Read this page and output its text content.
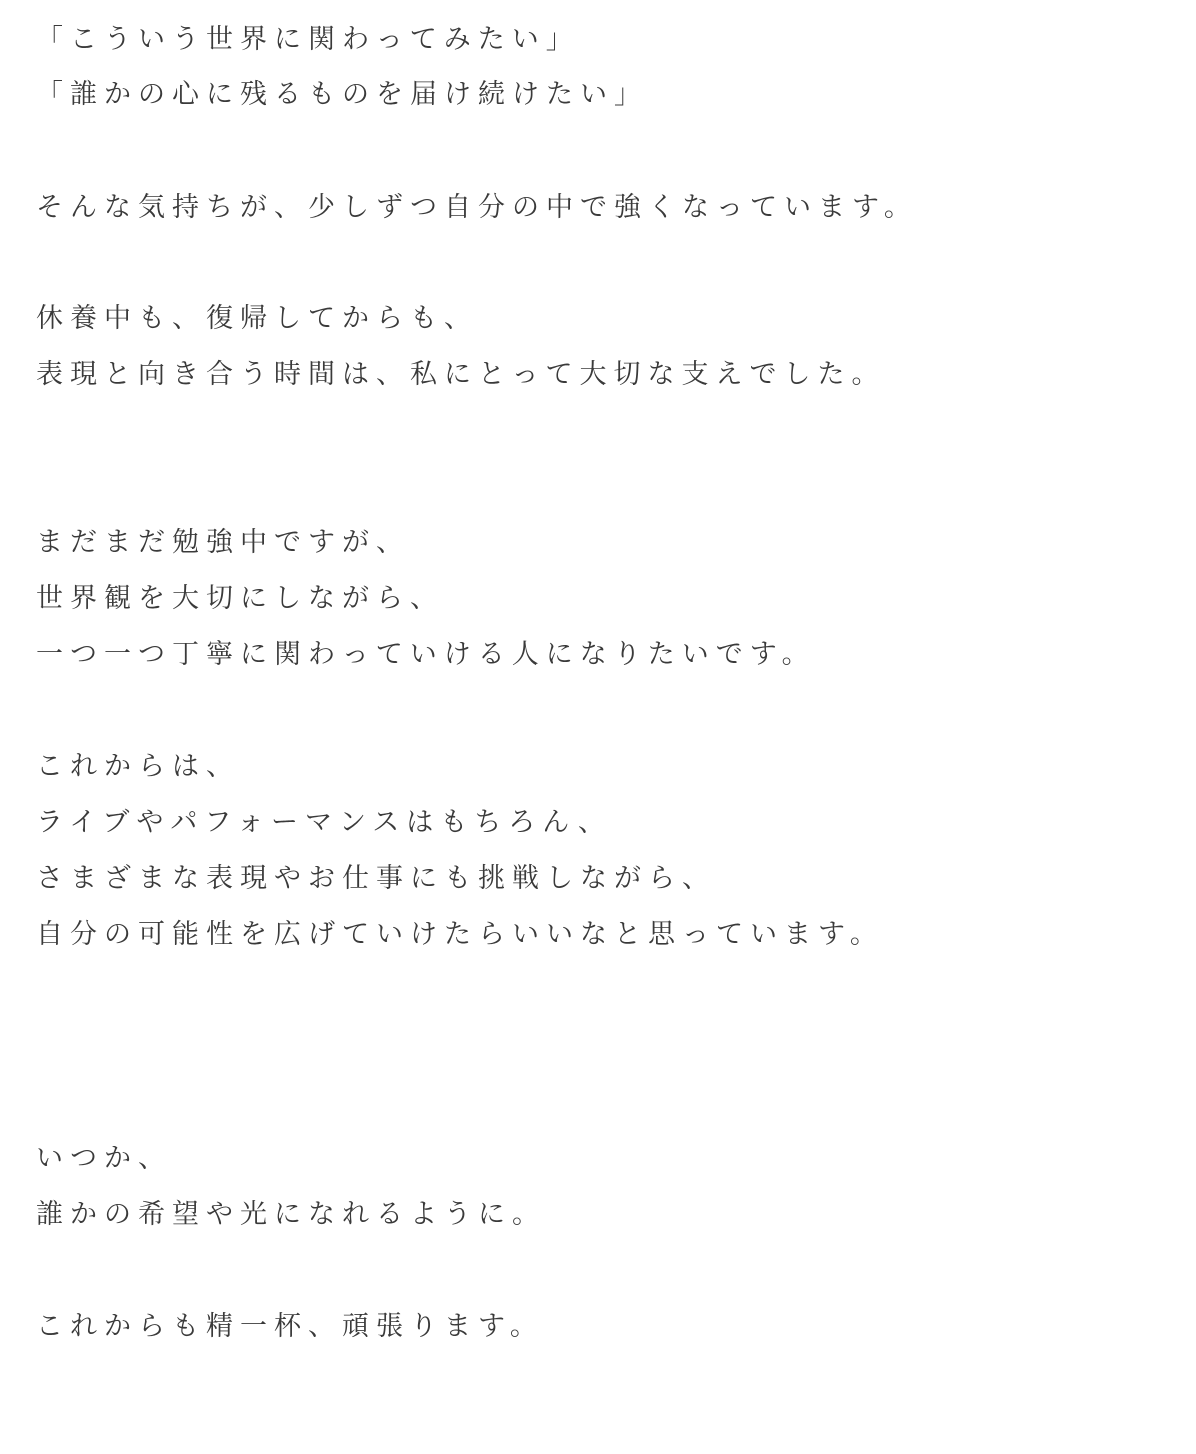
「こういう世界に関わってみたい」
「誰かの心に残るものを届け続けたい」
そんな気持ちが、少しずつ自分の中で強くなっています。
休養中も、復帰してからも、
表現と向き合う時間は、私にとって大切な支えでした。
まだまだ勉強中ですが、
世界観を大切にしながら、
一つ一つ丁寧に関わっていける人になりたいです。
これからは、
ライブやパフォーマンスはもちろん、
さまざまな表現やお仕事にも挑戦しながら、
自分の可能性を広げていけたらいいなと思っています。
いつか、
誰かの希望や光になれるように。
これからも精一杯、頑張ります。
